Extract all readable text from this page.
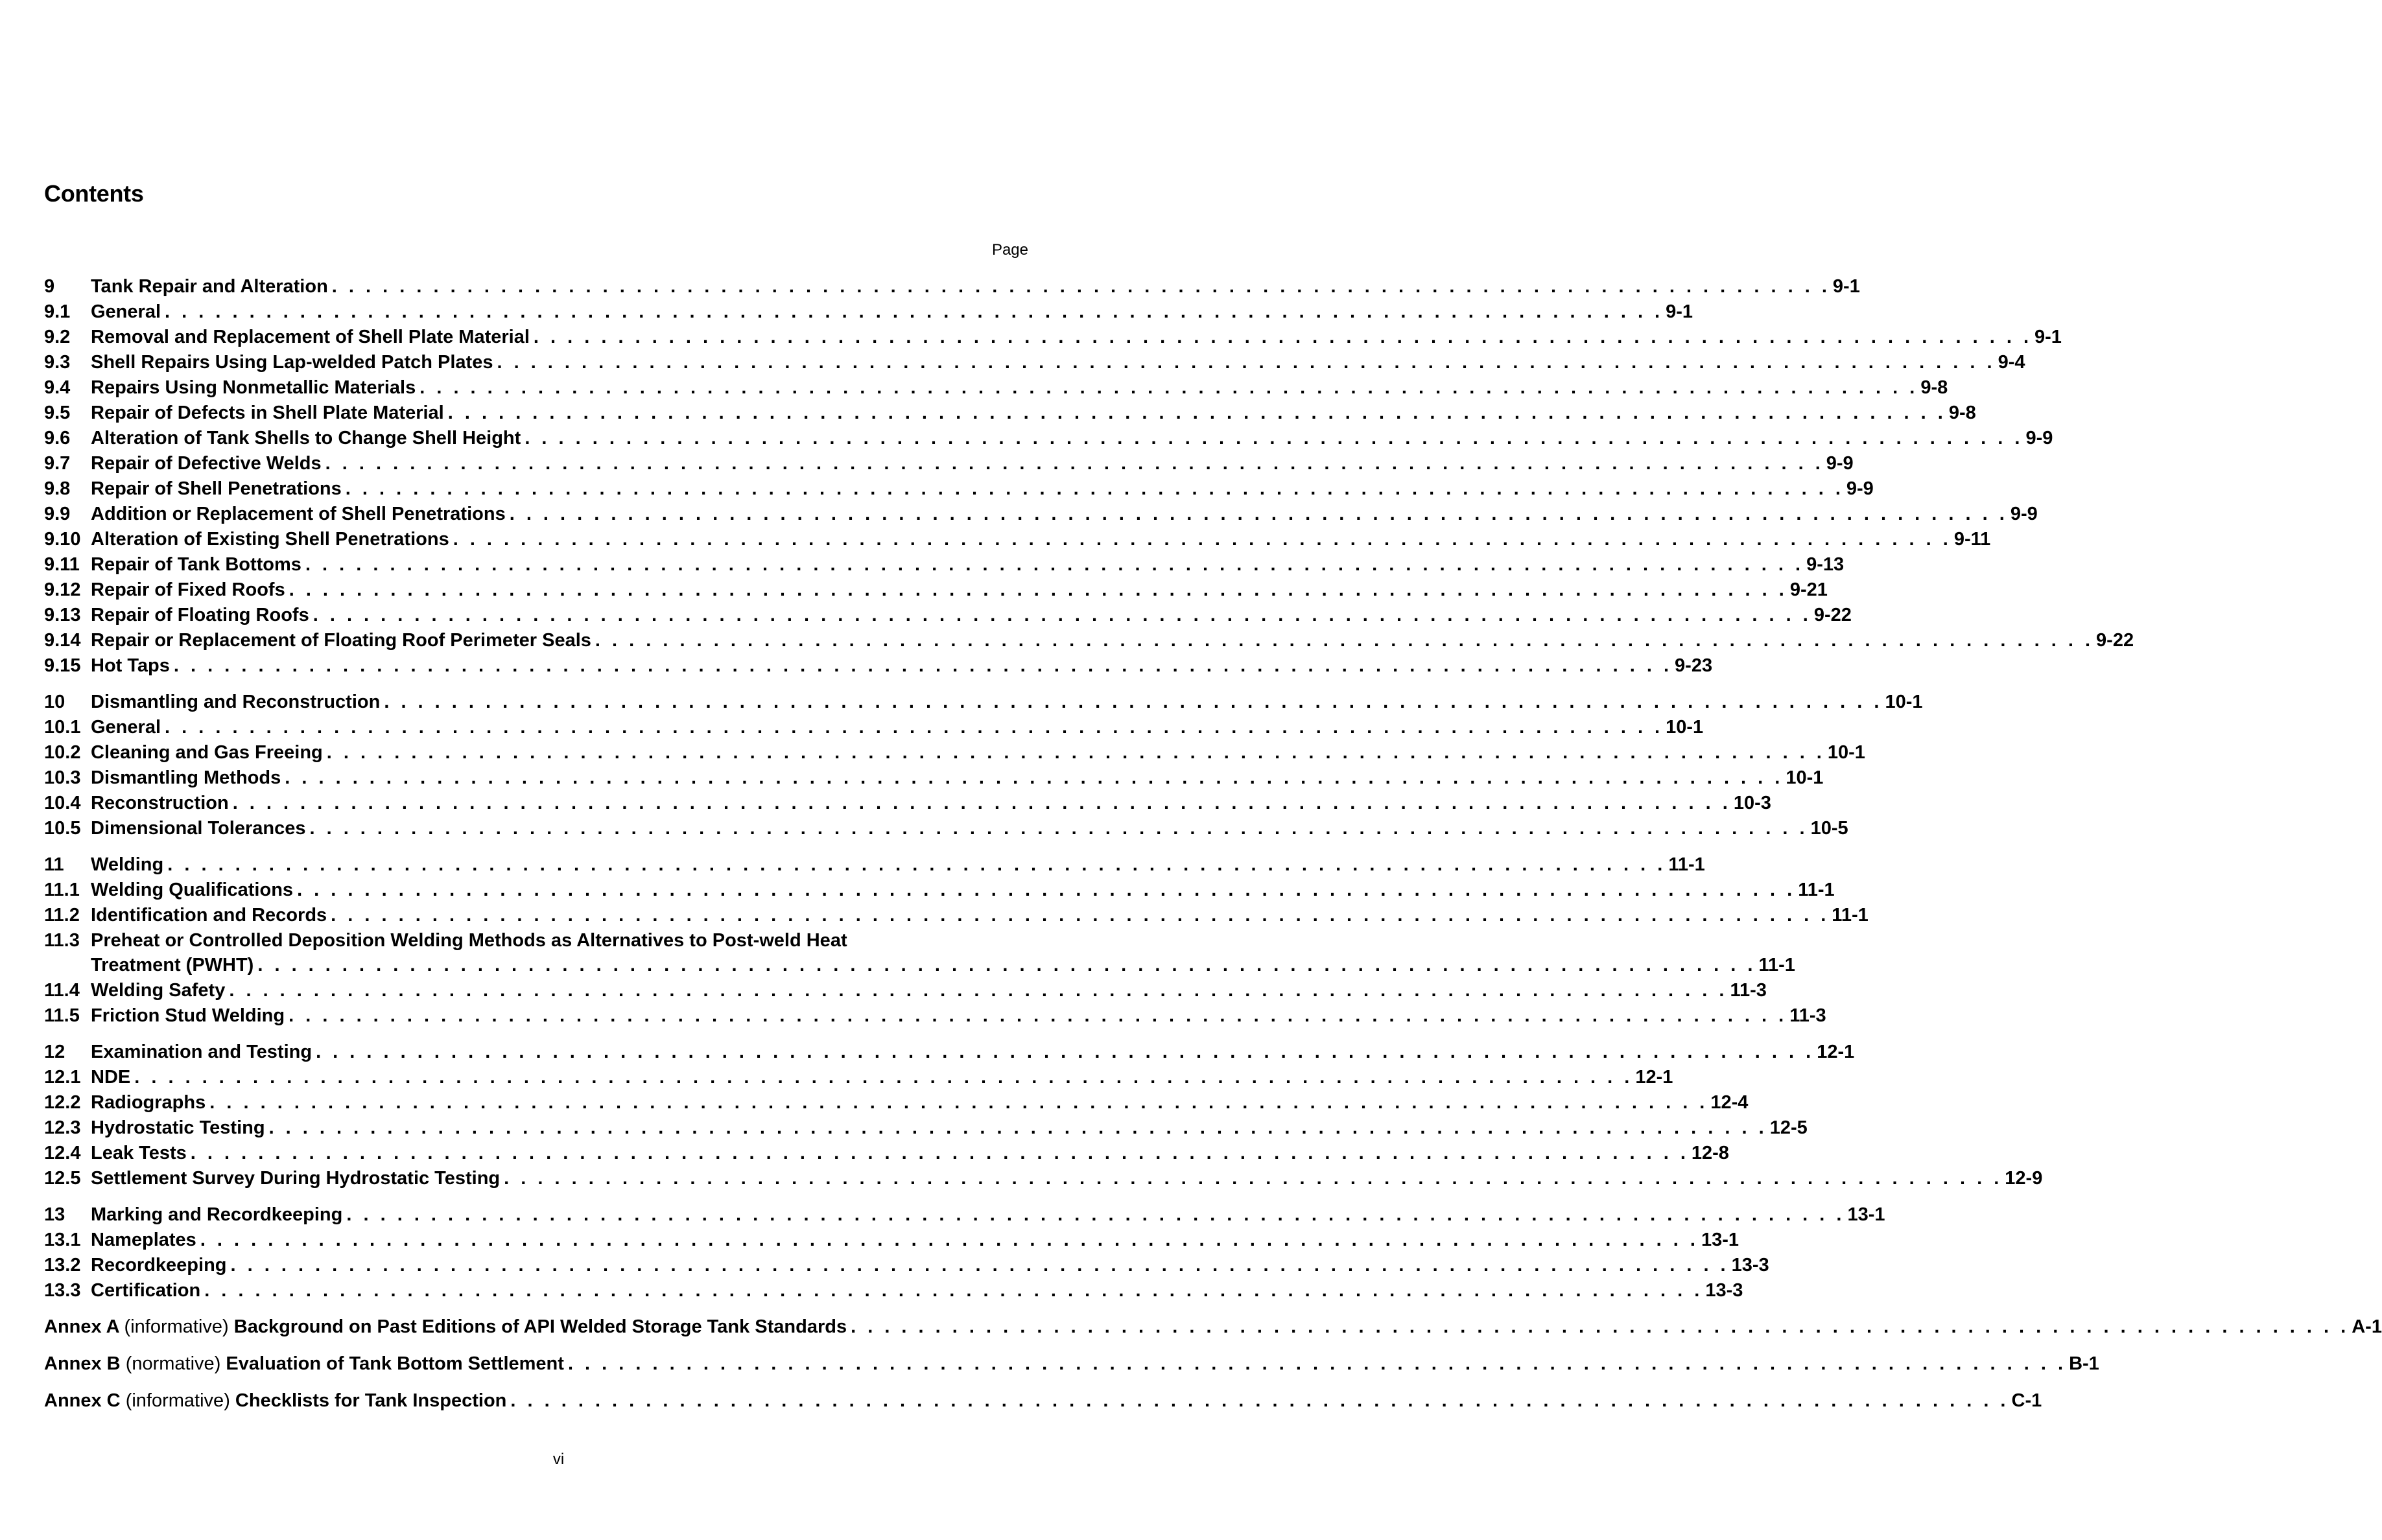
Contents
Page
9	Tank Repair and Alteration . . . . . . . . . . . . . . . . . . . . . . . . . . . . . . . . . . . . . . . . . . . . . . . . . . . . . . . . . . . . . . . . . . . . . . . . . . . . . . . . . . . . . . . . . 9-1
9.1	General . . . . . . . . . . . . . . . . . . . . . . . . . . . . . . . . . . . . . . . . . . . . . . . . . . . . . . . . . . . . . . . . . . . . . . . . . . . . . . . . . . . . . . . . . 9-1
9.2	Removal and Replacement of Shell Plate Material . . . . . . . . . . . . . . . . . . . . . . . . . . . . . . . . . . . . . . . . . . . . . . . . . . . . . . . . . . . . . . . . . . . . . . . . . . . . . . . . . . . . . . . . . 9-1
9.3	Shell Repairs Using Lap-welded Patch Plates . . . . . . . . . . . . . . . . . . . . . . . . . . . . . . . . . . . . . . . . . . . . . . . . . . . . . . . . . . . . . . . . . . . . . . . . . . . . . . . . . . . . . . . . . 9-4
9.4	Repairs Using Nonmetallic Materials . . . . . . . . . . . . . . . . . . . . . . . . . . . . . . . . . . . . . . . . . . . . . . . . . . . . . . . . . . . . . . . . . . . . . . . . . . . . . . . . . . . . . . . . . 9-8
9.5	Repair of Defects in Shell Plate Material . . . . . . . . . . . . . . . . . . . . . . . . . . . . . . . . . . . . . . . . . . . . . . . . . . . . . . . . . . . . . . . . . . . . . . . . . . . . . . . . . . . . . . . . . 9-8
9.6	Alteration of Tank Shells to Change Shell Height . . . . . . . . . . . . . . . . . . . . . . . . . . . . . . . . . . . . . . . . . . . . . . . . . . . . . . . . . . . . . . . . . . . . . . . . . . . . . . . . . . . . . . . . . 9-9
9.7	Repair of Defective Welds . . . . . . . . . . . . . . . . . . . . . . . . . . . . . . . . . . . . . . . . . . . . . . . . . . . . . . . . . . . . . . . . . . . . . . . . . . . . . . . . . . . . . . . . . 9-9
9.8	Repair of Shell Penetrations . . . . . . . . . . . . . . . . . . . . . . . . . . . . . . . . . . . . . . . . . . . . . . . . . . . . . . . . . . . . . . . . . . . . . . . . . . . . . . . . . . . . . . . . . 9-9
9.9	Addition or Replacement of Shell Penetrations . . . . . . . . . . . . . . . . . . . . . . . . . . . . . . . . . . . . . . . . . . . . . . . . . . . . . . . . . . . . . . . . . . . . . . . . . . . . . . . . . . . . . . . . . 9-9
9.10 Alteration of Existing Shell Penetrations . . . . . . . . . . . . . . . . . . . . . . . . . . . . . . . . . . . . . . . . . . . . . . . . . . . . . . . . . . . . . . . . . . . . . . . . . . . . . . . . . . . . . . . . . 9-11
9.11 Repair of Tank Bottoms . . . . . . . . . . . . . . . . . . . . . . . . . . . . . . . . . . . . . . . . . . . . . . . . . . . . . . . . . . . . . . . . . . . . . . . . . . . . . . . . . . . . . . . . . 9-13
9.12 Repair of Fixed Roofs . . . . . . . . . . . . . . . . . . . . . . . . . . . . . . . . . . . . . . . . . . . . . . . . . . . . . . . . . . . . . . . . . . . . . . . . . . . . . . . . . . . . . . . . . 9-21
9.13 Repair of Floating Roofs . . . . . . . . . . . . . . . . . . . . . . . . . . . . . . . . . . . . . . . . . . . . . . . . . . . . . . . . . . . . . . . . . . . . . . . . . . . . . . . . . . . . . . . . . 9-22
9.14 Repair or Replacement of Floating Roof Perimeter Seals . . . . . . . . . . . . . . . . . . . . . . . . . . . . . . . . . . . . . . . . . . . . . . . . . . . . . . . . . . . . . . . . . . . . . . . . . . . . . . . . . . . . . . . . . 9-22
9.15 Hot Taps . . . . . . . . . . . . . . . . . . . . . . . . . . . . . . . . . . . . . . . . . . . . . . . . . . . . . . . . . . . . . . . . . . . . . . . . . . . . . . . . . . . . . . . . . 9-23
10	Dismantling and Reconstruction . . . . . . . . . . . . . . . . . . . . . . . . . . . . . . . . . . . . . . . . . . . . . . . . . . . . . . . . . . . . . . . . . . . . . . . . . . . . . . . . . . . . . . . . . 10-1
10.1 General . . . . . . . . . . . . . . . . . . . . . . . . . . . . . . . . . . . . . . . . . . . . . . . . . . . . . . . . . . . . . . . . . . . . . . . . . . . . . . . . . . . . . . . . . 10-1
10.2 Cleaning and Gas Freeing . . . . . . . . . . . . . . . . . . . . . . . . . . . . . . . . . . . . . . . . . . . . . . . . . . . . . . . . . . . . . . . . . . . . . . . . . . . . . . . . . . . . . . . . . 10-1
10.3 Dismantling Methods . . . . . . . . . . . . . . . . . . . . . . . . . . . . . . . . . . . . . . . . . . . . . . . . . . . . . . . . . . . . . . . . . . . . . . . . . . . . . . . . . . . . . . . . . 10-1
10.4 Reconstruction . . . . . . . . . . . . . . . . . . . . . . . . . . . . . . . . . . . . . . . . . . . . . . . . . . . . . . . . . . . . . . . . . . . . . . . . . . . . . . . . . . . . . . . . . 10-3
10.5 Dimensional Tolerances . . . . . . . . . . . . . . . . . . . . . . . . . . . . . . . . . . . . . . . . . . . . . . . . . . . . . . . . . . . . . . . . . . . . . . . . . . . . . . . . . . . . . . . . . 10-5
11	Welding . . . . . . . . . . . . . . . . . . . . . . . . . . . . . . . . . . . . . . . . . . . . . . . . . . . . . . . . . . . . . . . . . . . . . . . . . . . . . . . . . . . . . . . . . 11-1
11.1 Welding Qualifications . . . . . . . . . . . . . . . . . . . . . . . . . . . . . . . . . . . . . . . . . . . . . . . . . . . . . . . . . . . . . . . . . . . . . . . . . . . . . . . . . . . . . . . . . 11-1
11.2 Identification and Records . . . . . . . . . . . . . . . . . . . . . . . . . . . . . . . . . . . . . . . . . . . . . . . . . . . . . . . . . . . . . . . . . . . . . . . . . . . . . . . . . . . . . . . . . 11-1
11.3 Preheat or Controlled Deposition Welding Methods as Alternatives to Post-weld Heat
Treatment (PWHT) . . . . . . . . . . . . . . . . . . . . . . . . . . . . . . . . . . . . . . . . . . . . . . . . . . . . . . . . . . . . . . . . . . . . . . . . . . . . . . . . . . . . . . . . . 11-1
11.4 Welding Safety . . . . . . . . . . . . . . . . . . . . . . . . . . . . . . . . . . . . . . . . . . . . . . . . . . . . . . . . . . . . . . . . . . . . . . . . . . . . . . . . . . . . . . . . . 11-3
11.5 Friction Stud Welding . . . . . . . . . . . . . . . . . . . . . . . . . . . . . . . . . . . . . . . . . . . . . . . . . . . . . . . . . . . . . . . . . . . . . . . . . . . . . . . . . . . . . . . . . 11-3
12	Examination and Testing . . . . . . . . . . . . . . . . . . . . . . . . . . . . . . . . . . . . . . . . . . . . . . . . . . . . . . . . . . . . . . . . . . . . . . . . . . . . . . . . . . . . . . . . . 12-1
12.1 NDE . . . . . . . . . . . . . . . . . . . . . . . . . . . . . . . . . . . . . . . . . . . . . . . . . . . . . . . . . . . . . . . . . . . . . . . . . . . . . . . . . . . . . . . . . 12-1
12.2 Radiographs . . . . . . . . . . . . . . . . . . . . . . . . . . . . . . . . . . . . . . . . . . . . . . . . . . . . . . . . . . . . . . . . . . . . . . . . . . . . . . . . . . . . . . . . . 12-4
12.3 Hydrostatic Testing . . . . . . . . . . . . . . . . . . . . . . . . . . . . . . . . . . . . . . . . . . . . . . . . . . . . . . . . . . . . . . . . . . . . . . . . . . . . . . . . . . . . . . . . . 12-5
12.4 Leak Tests . . . . . . . . . . . . . . . . . . . . . . . . . . . . . . . . . . . . . . . . . . . . . . . . . . . . . . . . . . . . . . . . . . . . . . . . . . . . . . . . . . . . . . . . . 12-8
12.5 Settlement Survey During Hydrostatic Testing . . . . . . . . . . . . . . . . . . . . . . . . . . . . . . . . . . . . . . . . . . . . . . . . . . . . . . . . . . . . . . . . . . . . . . . . . . . . . . . . . . . . . . . . . 12-9
13	Marking and Recordkeeping . . . . . . . . . . . . . . . . . . . . . . . . . . . . . . . . . . . . . . . . . . . . . . . . . . . . . . . . . . . . . . . . . . . . . . . . . . . . . . . . . . . . . . . . . 13-1
13.1 Nameplates . . . . . . . . . . . . . . . . . . . . . . . . . . . . . . . . . . . . . . . . . . . . . . . . . . . . . . . . . . . . . . . . . . . . . . . . . . . . . . . . . . . . . . . . . 13-1
13.2 Recordkeeping . . . . . . . . . . . . . . . . . . . . . . . . . . . . . . . . . . . . . . . . . . . . . . . . . . . . . . . . . . . . . . . . . . . . . . . . . . . . . . . . . . . . . . . . . 13-3
13.3 Certification . . . . . . . . . . . . . . . . . . . . . . . . . . . . . . . . . . . . . . . . . . . . . . . . . . . . . . . . . . . . . . . . . . . . . . . . . . . . . . . . . . . . . . . . . 13-3
Annex A (informative) Background on Past Editions of API Welded Storage Tank Standards . . . . . . . . . . . . . . . . . . . . . . . . . . . . . . . . . . . . . . . . . . . . . . . . . . . . . . . . . . . . . . . . . . . . . . . . . . . . . . . . . . . . . . . . . A-1
Annex B (normative) Evaluation of Tank Bottom Settlement . . . . . . . . . . . . . . . . . . . . . . . . . . . . . . . . . . . . . . . . . . . . . . . . . . . . . . . . . . . . . . . . . . . . . . . . . . . . . . . . . . . . . . . . . B-1
Annex C (informative) Checklists for Tank Inspection . . . . . . . . . . . . . . . . . . . . . . . . . . . . . . . . . . . . . . . . . . . . . . . . . . . . . . . . . . . . . . . . . . . . . . . . . . . . . . . . . . . . . . . . . C-1
vi
